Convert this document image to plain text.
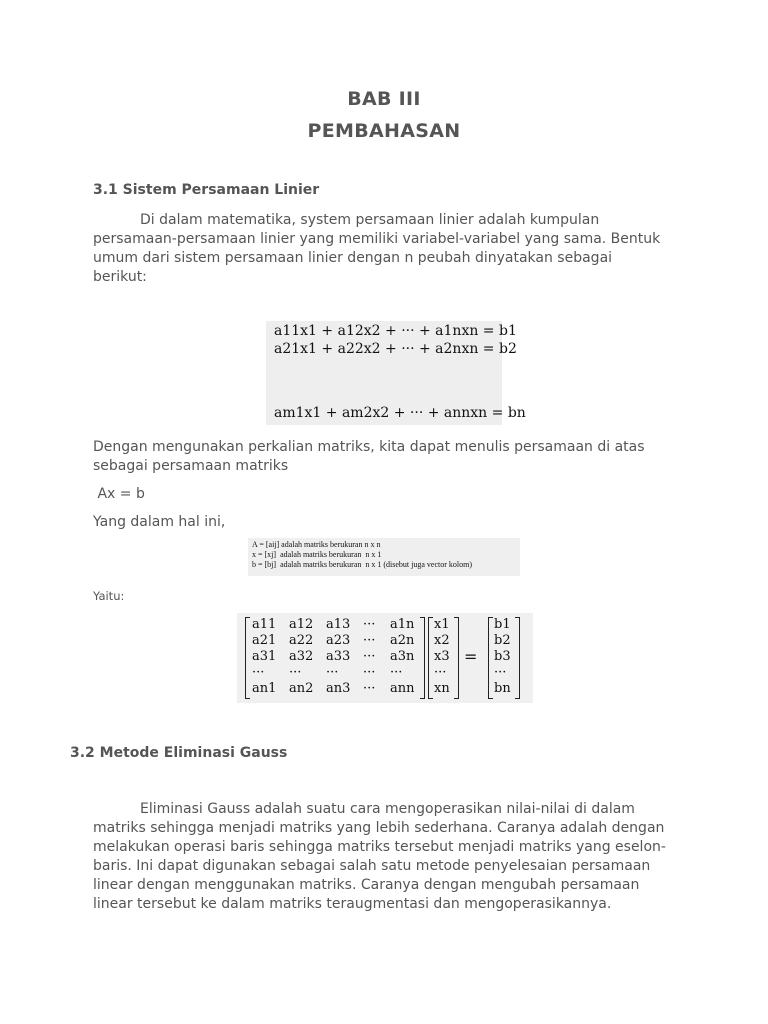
BAB III
PEMBAHASAN
3.1 Sistem Persamaan Linier

Di dalam matematika, system persamaan linier adalah kumpulan

persamaan-persamaan linier yang memiliki variabel-variabel yang sama. Bentuk

umum dari sistem persamaan linier dengan n peubah dinyatakan sebagai

berikut:

a11x1 + a12x2 + ··· + a1nxn = b1
a21x1 + a22x2 + ··· + a2nxn = b2
am1x1 + am2x2 + ··· + annxn = bn

Dengan mengunakan perkalian matriks, kita dapat menulis persamaan di atas

sebagai persamaan matriks

Ax = b
Yang dalam hal ini,
A = [aij] adalah matriks berukuran n x n
x = [xj]  adalah matriks berukuran  n x 1
b = [bj]  adalah matriks berukuran  n x 1 (disebut juga vector kolom)
Yaitu:
=
a11 a12 a13 ··· a1n
a21 a22 a23 ··· a2n
a31 a32 a33 ··· a3n
··· ··· ··· ··· ···
an1 an2 an3 ··· ann
x1
x2
x3
···
xn
b1
b2
b3
···
bn
3.2 Metode Eliminasi Gauss

Eliminasi Gauss adalah suatu cara mengoperasikan nilai-nilai di dalam

matriks sehingga menjadi matriks yang lebih sederhana. Caranya adalah dengan

melakukan operasi baris sehingga matriks tersebut menjadi matriks yang eselon-

baris. Ini dapat digunakan sebagai salah satu metode penyelesaian persamaan

linear dengan menggunakan matriks. Caranya dengan mengubah persamaan

linear tersebut ke dalam matriks teraugmentasi dan mengoperasikannya.
